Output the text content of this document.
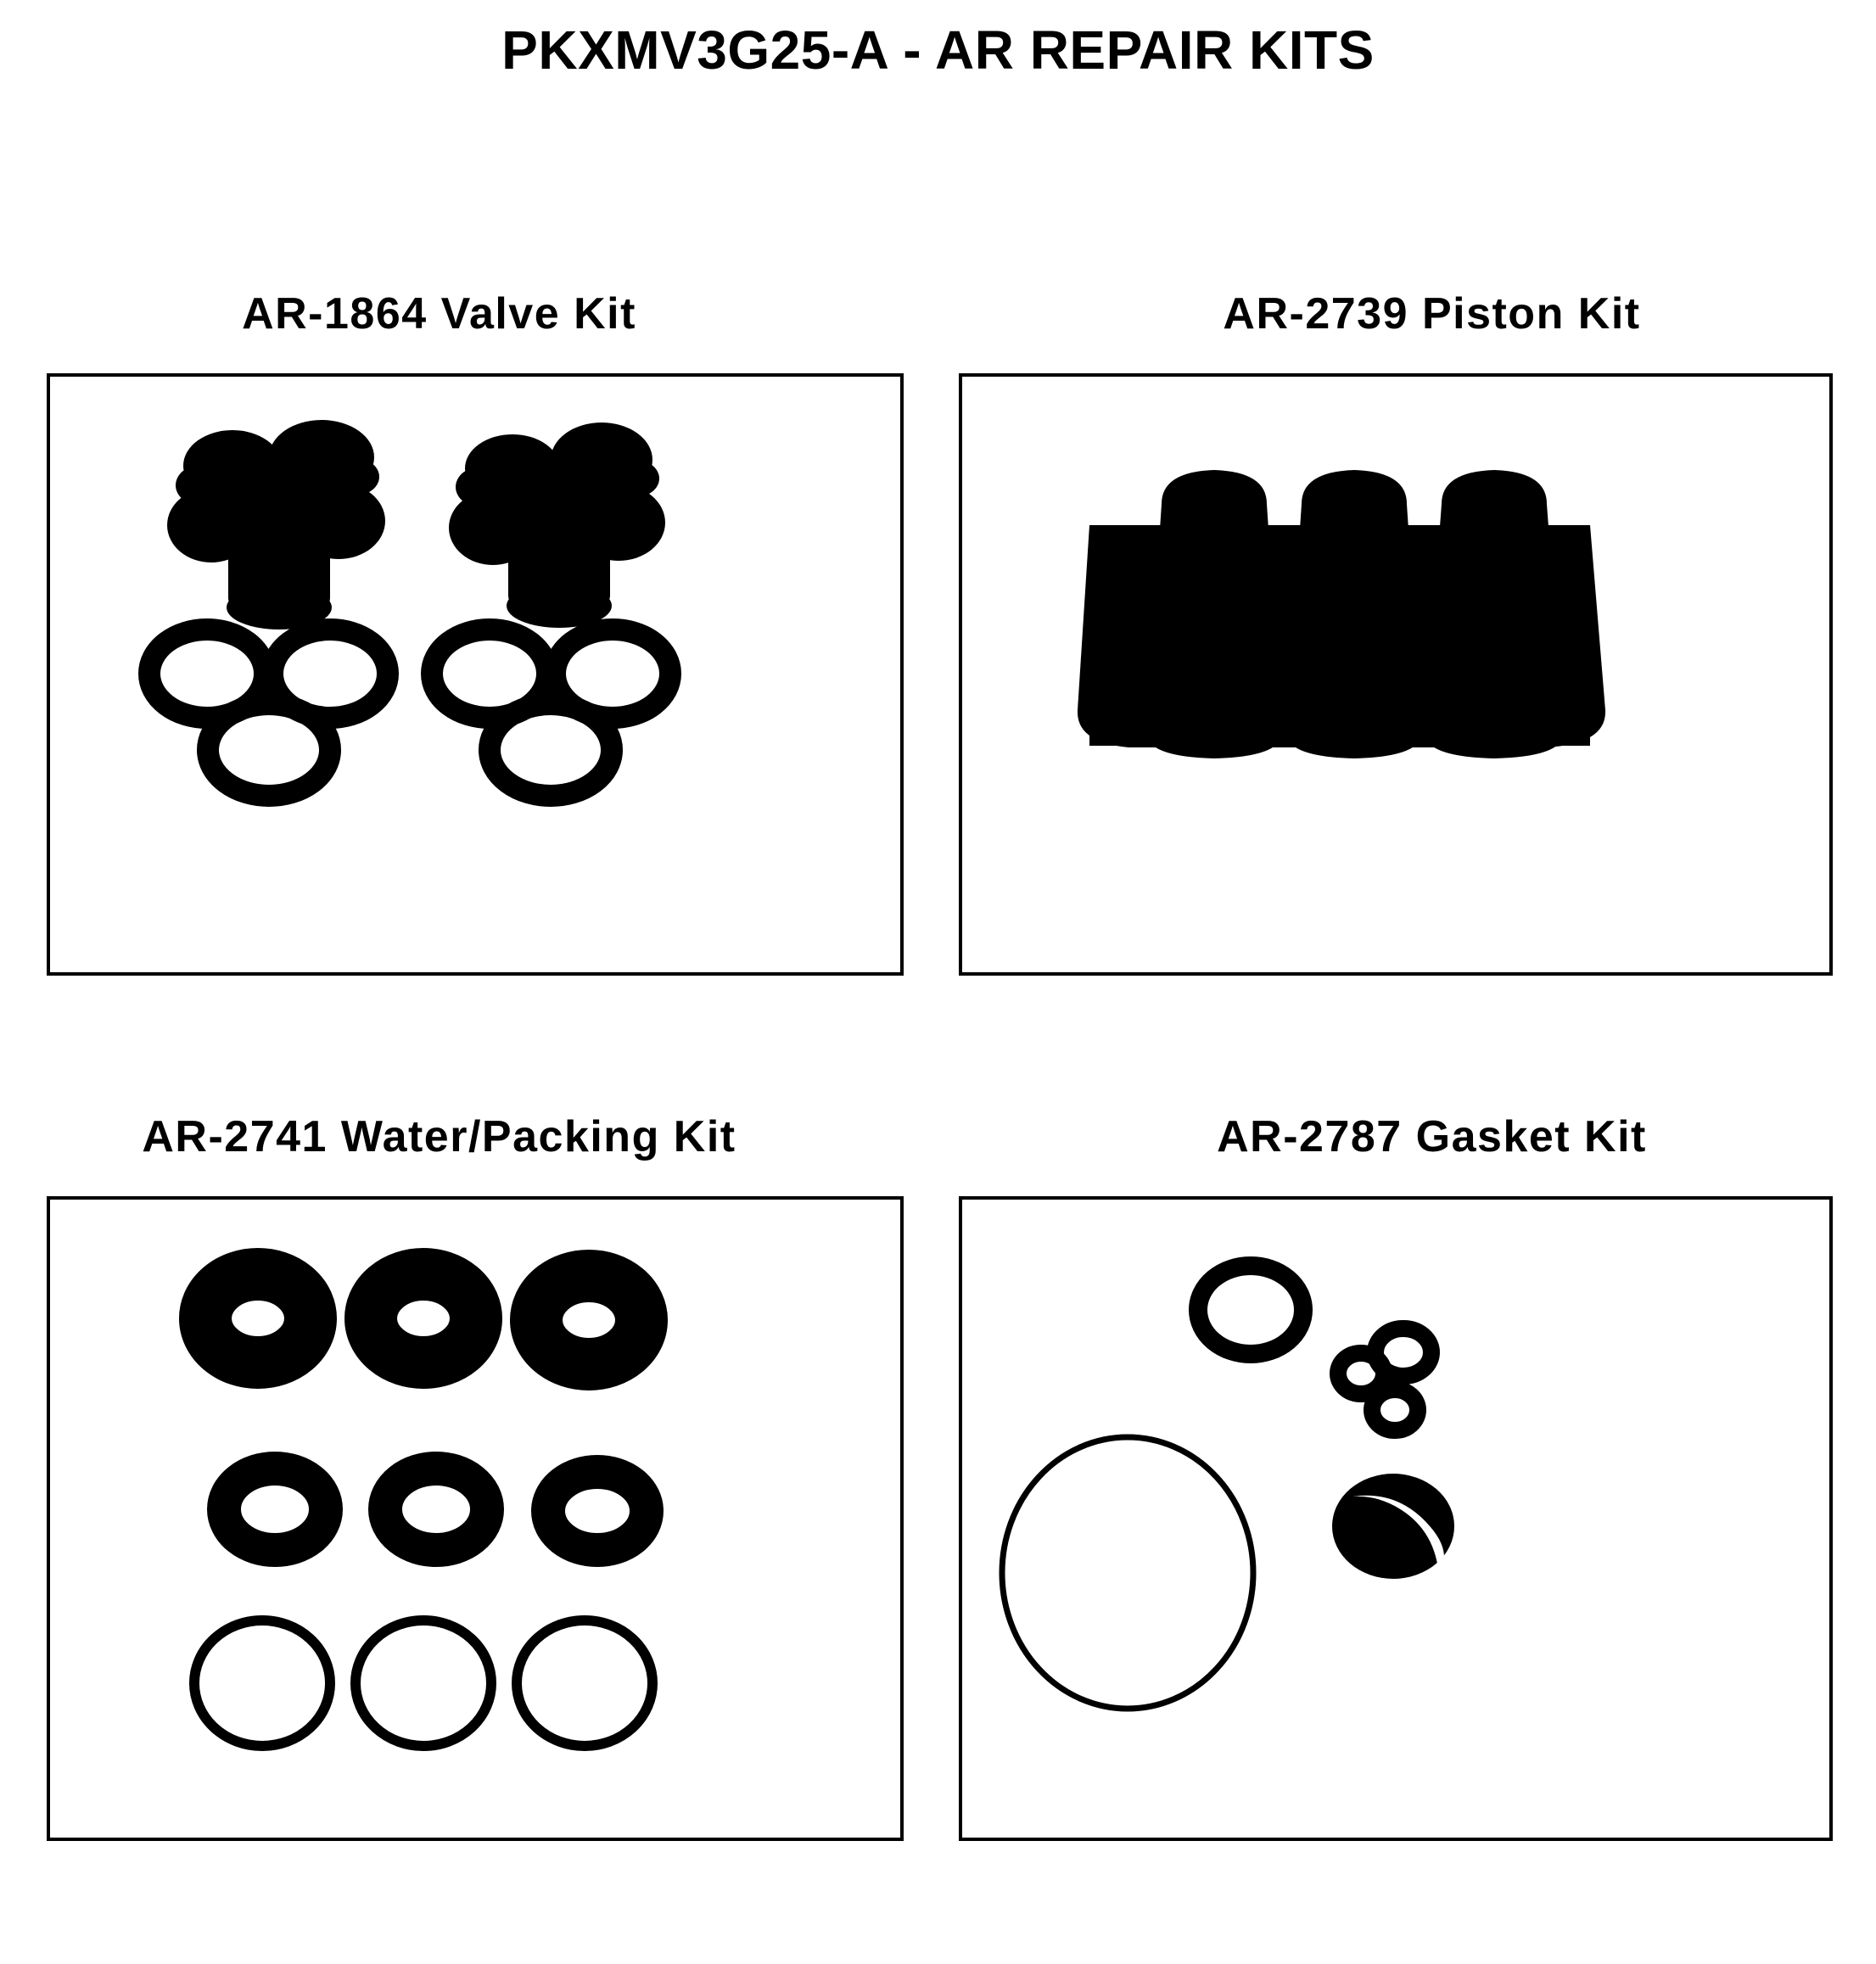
PKXMV3G25-A - AR REPAIR KITS
AR-1864 Valve Kit	AR-2739 Piston Kit
AR-2741 Water/Packing Kit	AR-2787 Gasket Kit
